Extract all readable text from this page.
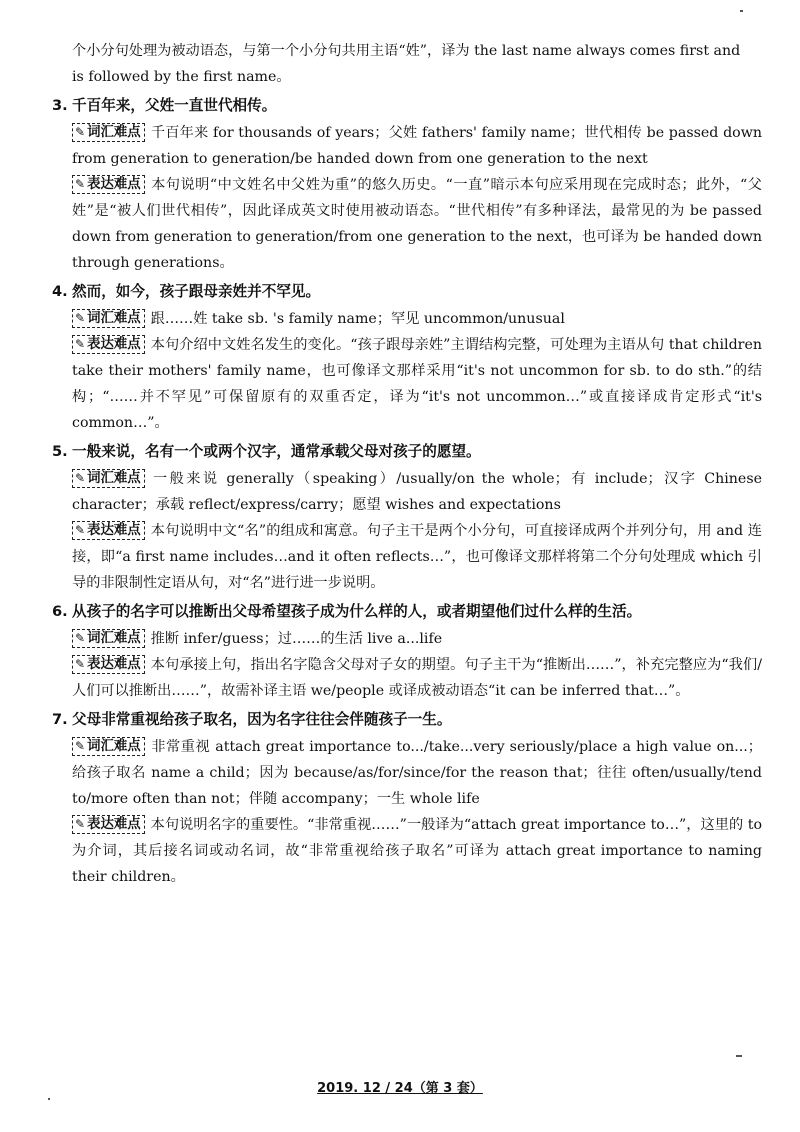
个小分句处理为被动语态，与第一个小分句共用主语“姓”，译为 the last name always comes first and

is followed by the first name。

3. 千百年来，父姓一直世代相传。

✎ 词汇难点 千百年来 for thousands of years；父姓 fathers' family name；世代相传 be passed down from generation to generation/be handed down from one generation to the next

✎ 表达难点 本句说明“中文姓名中父姓为重”的悠久历史。“一直”暗示本句应采用现在完成时态；此外，“父姓”是“被人们世代相传”，因此译成英文时使用被动语态。“世代相传”有多种译法，最常见的为 be passed down from generation to generation/from one generation to the next，也可译为 be handed down through generations。

4. 然而，如今，孩子跟母亲姓并不罕见。

✎ 词汇难点 跟……姓 take sb. 's family name；罕见 uncommon/unusual

✎ 表达难点 本句介绍中文姓名发生的变化。“孩子跟母亲姓”主谓结构完整，可处理为主语从句 that children take their mothers' family name，也可像译文那样采用“it's not uncommon for sb. to do sth.”的结构；“……并不罕见”可保留原有的双重否定，译为“it's not uncommon…”或直接译成肯定形式“it's common…”。

5. 一般来说，名有一个或两个汉字，通常承载父母对孩子的愿望。

✎ 词汇难点 一般来说 generally（speaking）/usually/on the whole；有 include；汉字 Chinese character；承载 reflect/express/carry；愿望 wishes and expectations

✎ 表达难点 本句说明中文“名”的组成和寓意。句子主干是两个小分句，可直接译成两个并列分句，用 and 连接，即“a first name includes…and it often reflects…”，也可像译文那样将第二个分句处理成 which 引导的非限制性定语从句，对“名”进行进一步说明。

6. 从孩子的名字可以推断出父母希望孩子成为什么样的人，或者期望他们过什么样的生活。

✎ 词汇难点 推断 infer/guess；过……的生活 live a...life

✎ 表达难点 本句承接上句，指出名字隐含父母对子女的期望。句子主干为“推断出……”，补充完整应为“我们/人们可以推断出……”，故需补译主语 we/people 或译成被动语态“it can be inferred that…”。

7. 父母非常重视给孩子取名，因为名字往往会伴随孩子一生。

✎ 词汇难点 非常重视 attach great importance to.../take...very seriously/place a high value on...；给孩子取名 name a child；因为 because/as/for/since/for the reason that；往往 often/usually/tend to/more often than not；伴随 accompany；一生 whole life

✎ 表达难点 本句说明名字的重要性。“非常重视……”一般译为“attach great importance to…”，这里的 to 为介词，其后接名词或动名词，故“非常重视给孩子取名”可译为 attach great importance to naming their children。

2019. 12 / 24（第 3 套）
